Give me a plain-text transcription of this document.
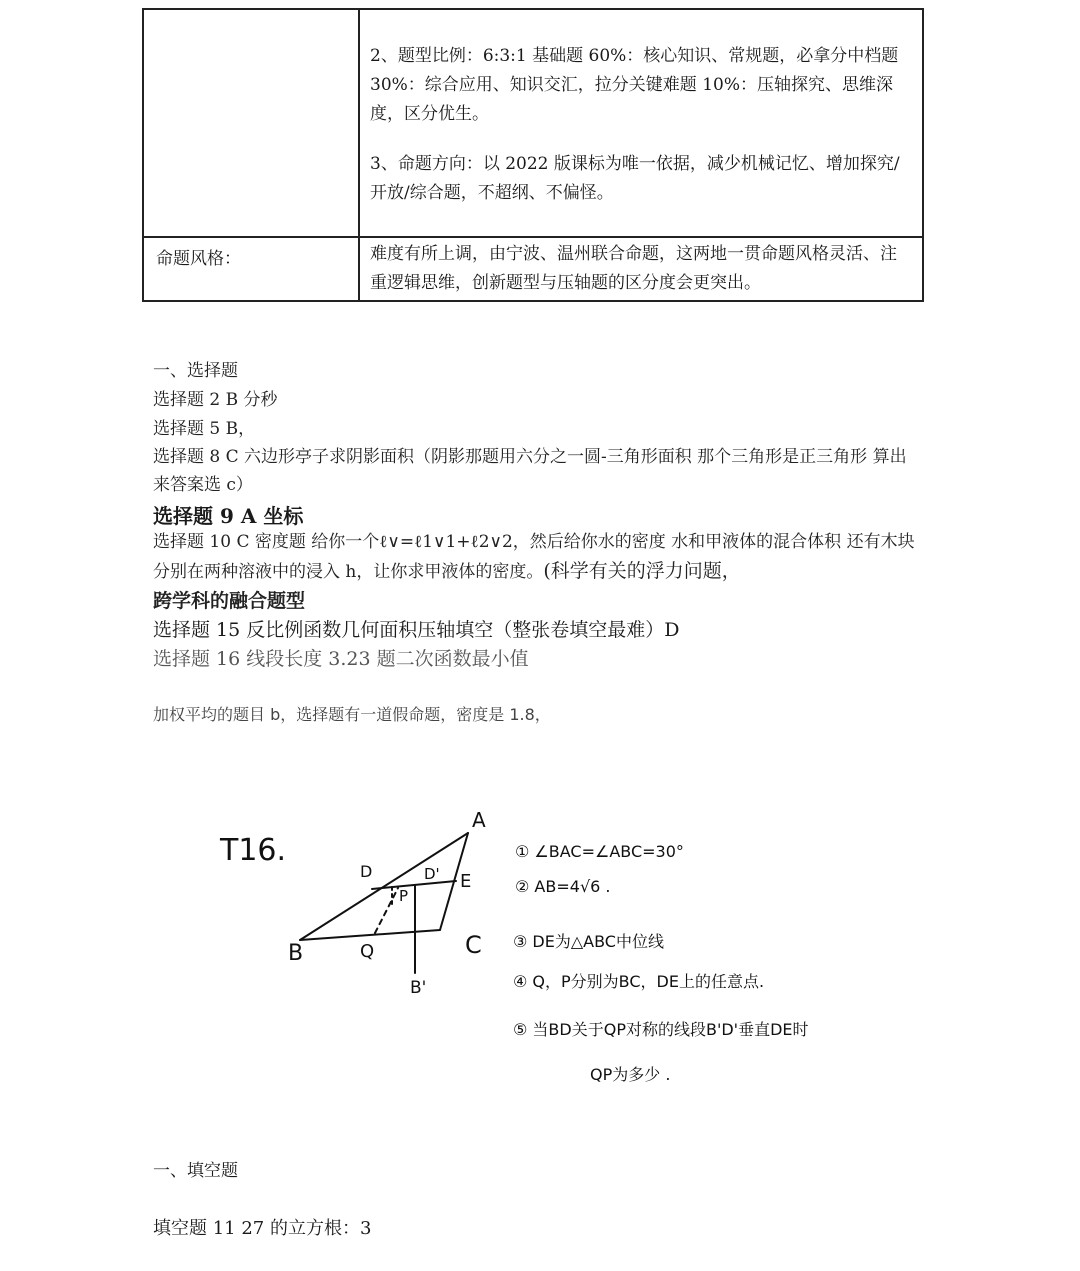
	2、题型比例：6:3:1 基础题 60%：核心知识、常规题，必拿分中档题 30%：综合应用、知识交汇，拉分关键难题 10%：压轴探究、思维深度，区分优生。

3、命题方向：以 2022 版课标为唯一依据，减少机械记忆、增加探究/开放/综合题，不超纲、不偏怪。

命题风格：	难度有所上调，由宁波、温州联合命题，这两地一贯命题风格灵活、注重逻辑思维，创新题型与压轴题的区分度会更突出。

一、选择题

选择题 2 B 分秒

选择题 5 B，

选择题 8 C 六边形亭子求阴影面积（阴影那题用六分之一圆-三角形面积 那个三角形是正三角形 算出来答案选 c）

选择题 9 A 坐标

选择题 10 C 密度题 给你一个ℓ∨=ℓ1∨1+ℓ2∨2，然后给你水的密度 水和甲液体的混合体积 还有木块分别在两种溶液中的浸入 h，让你求甲液体的密度。(科学有关的浮力问题，
跨学科的融合题型

选择题 15 反比例函数几何面积压轴填空（整张卷填空最难）D

选择题 16 线段长度 3.23 题二次函数最小值

加权平均的题目 b，选择题有一道假命题，密度是 1.8，

T16.
A
B	C
D	D' E
P
Q
B'
① ∠BAC=∠ABC=30°
② AB=4√6 .
③ DE为△ABC中位线
④ Q，P分别为BC，DE上的任意点.
⑤ 当BD关于QP对称的线段B'D'垂直DE时
QP为多少 .

一、填空题

填空题 11 27 的立方根：3
